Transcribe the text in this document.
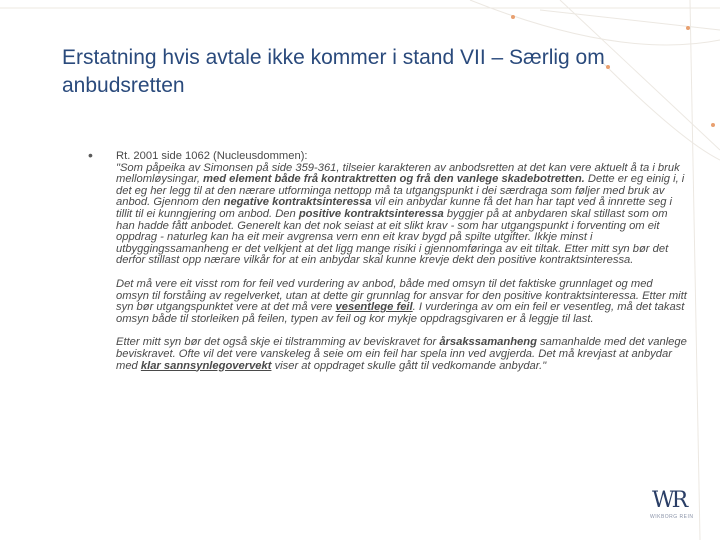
Erstatning hvis avtale ikke kommer i stand VII – Særlig om anbudsretten
• Rt. 2001 side 1062 (Nucleusdommen):

"Som påpeika av Simonsen på side 359-361, tilseier karakteren av anbodsretten at det kan vere aktuelt å ta i bruk mellomløysingar, med element både frå kontraktretten og frå den vanlege skadebotretten. Dette er eg einig i, i det eg her legg til at den nærare utforminga nettopp må ta utgangspunkt i dei særdraga som føljer med bruk av anbod. Gjennom den negative kontraktsinteressa vil ein anbydar kunne få det han har tapt ved å innrette seg i tillit til ei kunngjering om anbod. Den positive kontraktsinteressa byggjer på at anbydaren skal stillast som om han hadde fått anbodet. Generelt kan det nok seiast at eit slikt krav - som har utgangspunkt i forventing om eit oppdrag - naturleg kan ha eit meir avgrensa vern enn eit krav bygd på spilte utgifter. Ikkje minst i utbyggingssamanheng er det velkjent at det ligg mange risiki i gjennomføringa av eit tiltak. Etter mitt syn bør det derfor stillast opp nærare vilkår for at ein anbydar skal kunne krevje dekt den positive kontraktsinteressa.

Det må vere eit visst rom for feil ved vurdering av anbod, både med omsyn til det faktiske grunnlaget og med omsyn til forståing av regelverket, utan at dette gir grunnlag for ansvar for den positive kontraktsinteressa. Etter mitt syn bør utgangspunktet vere at det må vere vesentlege feil. I vurderinga av om ein feil er vesentleg, må det takast omsyn både til storleiken på feilen, typen av feil og kor mykje oppdragsgivaren er å leggje til last.

Etter mitt syn bør det også skje ei tilstramming av beviskravet for årsakssamanheng samanhalde med det vanlege beviskravet. Ofte vil det vere vanskeleg å seie om ein feil har spela inn ved avgjerda. Det må krevjast at anbydar med klar sannsynlegovervekt viser at oppdraget skulle gått til vedkomande anbydar."

WR
WIKBORG REIN
